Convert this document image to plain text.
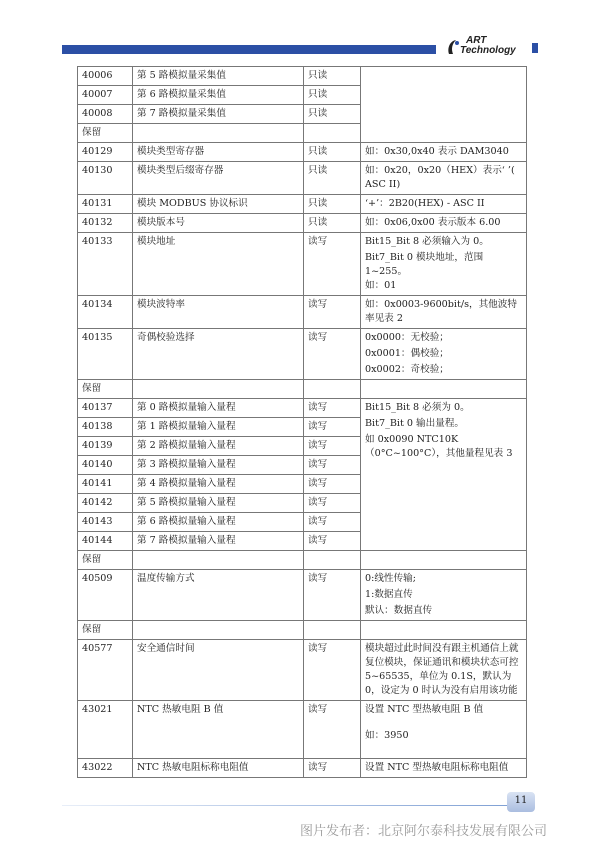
ART
Technology
40006	第 5 路模拟量采集值	只读	
40007	第 6 路模拟量采集值	只读	
40008	第 7 路模拟量采集值	只读	
保留			
40129	模块类型寄存器	只读	如：0x30,0x40 表示 DAM3040

40130	模块类型后缀寄存器	只读	如：0x20，0x20（HEX）表示‘ ’( ASC II)

40131	模块 MODBUS 协议标识	只读	‘+’：2B20(HEX) - ASC II

40132	模块版本号	只读	如：0x06,0x00 表示版本 6.00

40133	模块地址	读写	Bit15_Bit 8 必须输入为 0。

Bit7_Bit 0 模块地址，范围 1~255。

如：01

40134	模块波特率	读写	如：0x0003-9600bit/s，其他波特率见表 2

40135	奇偶校验选择	读写	0x0000：无校验；

0x0001：偶校验；

0x0002：奇校验；

保留			
40137	第 0 路模拟量输入量程	读写	Bit15_Bit 8 必须为 0。

Bit7_Bit 0 输出量程。

如 0x0090 NTC10K（0°C~100°C），其他量程见表 3

40138	第 1 路模拟量输入量程	读写	
40139	第 2 路模拟量输入量程	读写	
40140	第 3 路模拟量输入量程	读写	
40141	第 4 路模拟量输入量程	读写	
40142	第 5 路模拟量输入量程	读写	
40143	第 6 路模拟量输入量程	读写	
40144	第 7 路模拟量输入量程	读写	
保留			
40509	温度传输方式	读写	0:线性传输;

1:数据直传

默认：数据直传

保留			
40577	安全通信时间	读写	模块超过此时间没有跟主机通信上就复位模块，保证通讯和模块状态可控

5~65535，单位为 0.1S，默认为 0，设定为 0 时认为没有启用该功能

43021	NTC 热敏电阻 B 值	读写	设置 NTC 型热敏电阻 B 值

如：3950

43022	NTC 热敏电阻标称电阻值	读写	设置 NTC 型热敏电阻标称电阻值

11
图片发布者：北京阿尔泰科技发展有限公司
